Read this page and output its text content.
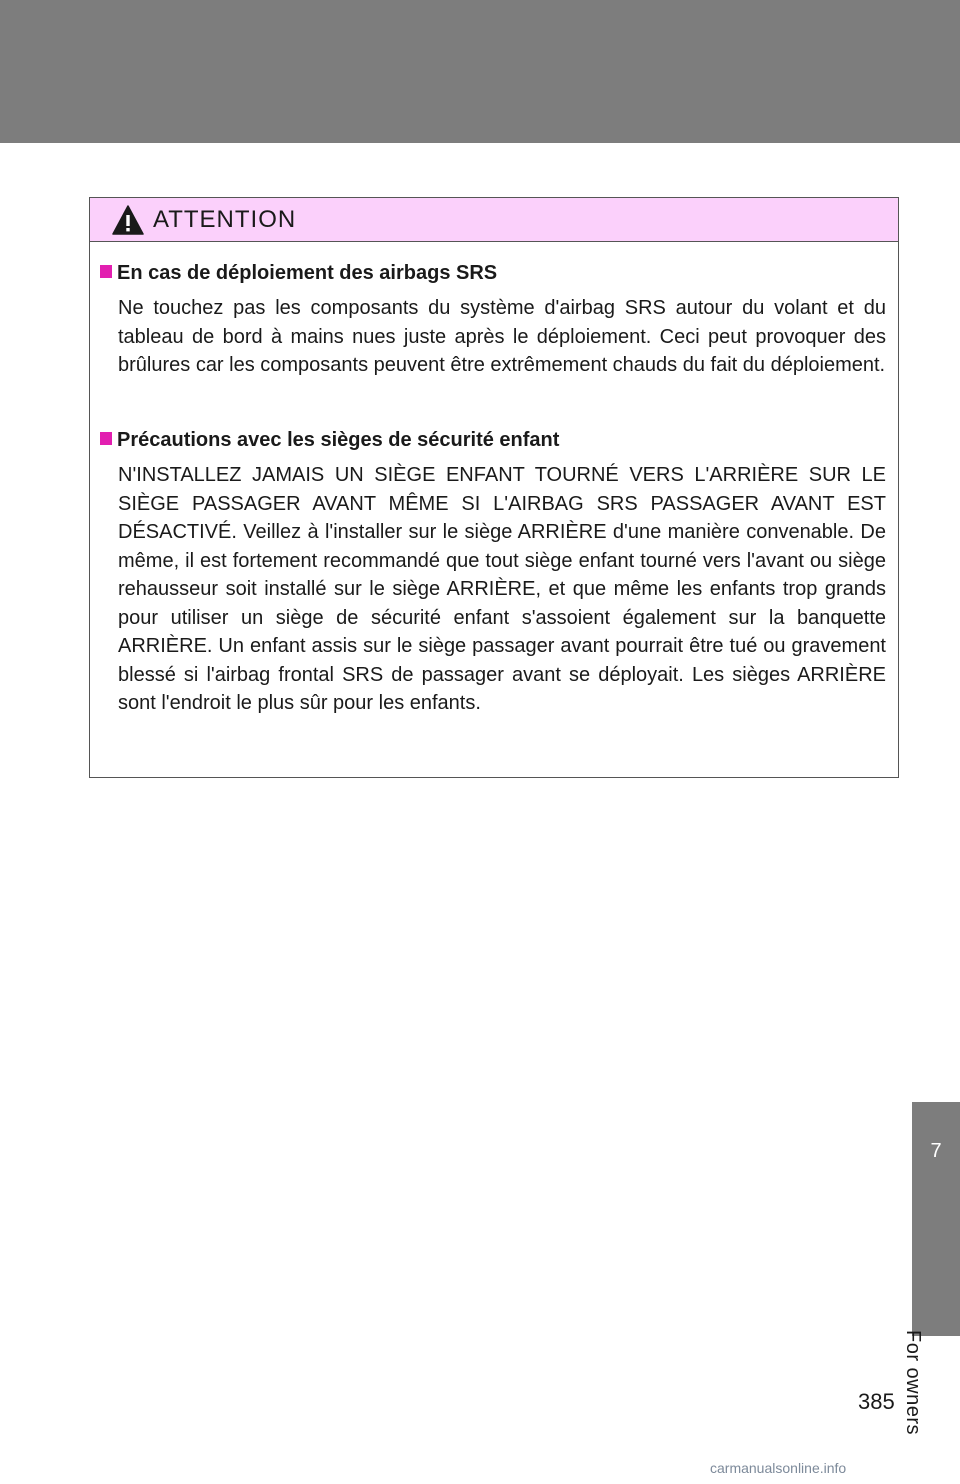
ATTENTION
En cas de déploiement des airbags SRS

Ne touchez pas les composants du système d'airbag SRS autour du volant et du tableau de bord à mains nues juste après le déploiement. Ceci peut provoquer des brûlures car les composants peuvent être extrêmement chauds du fait du déploiement.

Précautions avec les sièges de sécurité enfant

N'INSTALLEZ JAMAIS UN SIÈGE ENFANT TOURNÉ VERS L'ARRIÈRE SUR LE SIÈGE PASSAGER AVANT MÊME SI L'AIRBAG SRS PASSAGER AVANT EST DÉSACTIVÉ. Veillez à l'installer sur le siège ARRIÈRE d'une manière convenable. De même, il est fortement recommandé que tout siège enfant tourné vers l'avant ou siège rehausseur soit installé sur le siège ARRIÈRE, et que même les enfants trop grands pour utiliser un siège de sécurité enfant s'assoient également sur la banquette ARRIÈRE. Un enfant assis sur le siège passager avant pourrait être tué ou gravement blessé si l'airbag frontal SRS de passager avant se déployait. Les sièges ARRIÈRE sont l'endroit le plus sûr pour les enfants.

7
For owners
385
carmanualsonline.info
